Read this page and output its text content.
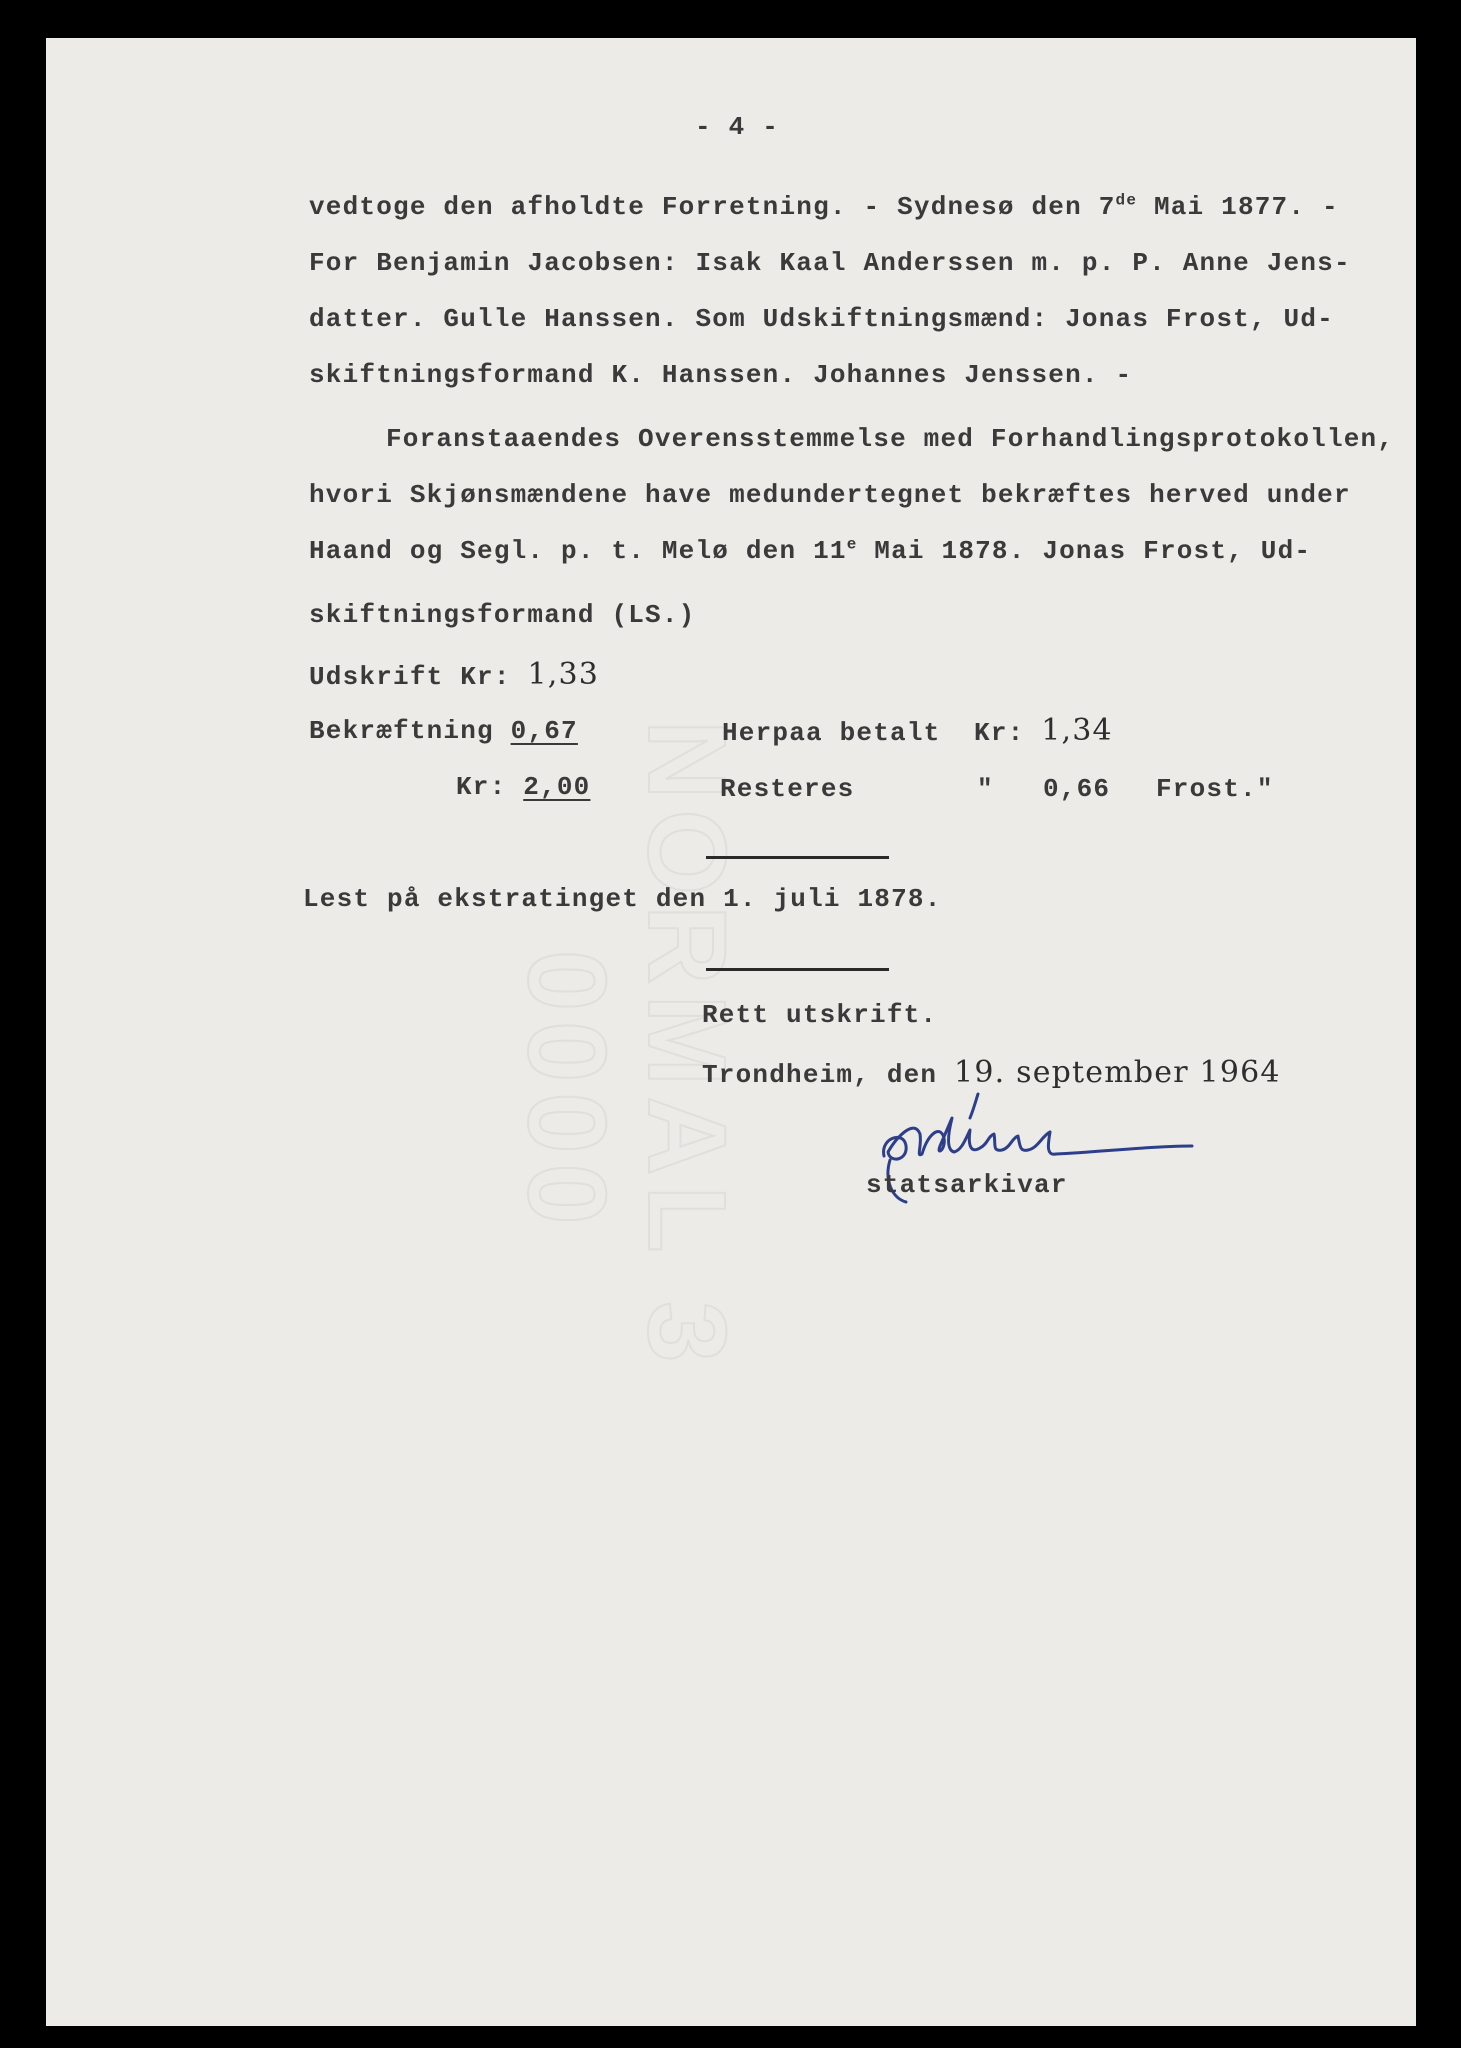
NORMAL 3
0000
- 4 -
vedtoge den afholdte Forretning. - Sydnesø den 7de Mai 1877. -
For Benjamin Jacobsen: Isak Kaal Anderssen m. p. P. Anne Jens-
datter. Gulle Hanssen. Som Udskiftningsmænd: Jonas Frost, Ud-
skiftningsformand K. Hanssen. Johannes Jenssen. -
Foranstaaendes Overensstemmelse med Forhandlingsprotokollen,
hvori Skjønsmændene have medundertegnet bekræftes herved under
Haand og Segl. p. t. Melø den 11e Mai 1878. Jonas Frost, Ud-
skiftningsformand (LS.)
Udskrift Kr: 1,33
Bekræftning 0,67
Kr: 2,00
Herpaa betalt  Kr: 1,34
Resteres	" 0,66 Frost."
Lest på ekstratinget den 1. juli 1878.
Rett utskrift.
Trondheim, den 19. september 1964
statsarkivar
